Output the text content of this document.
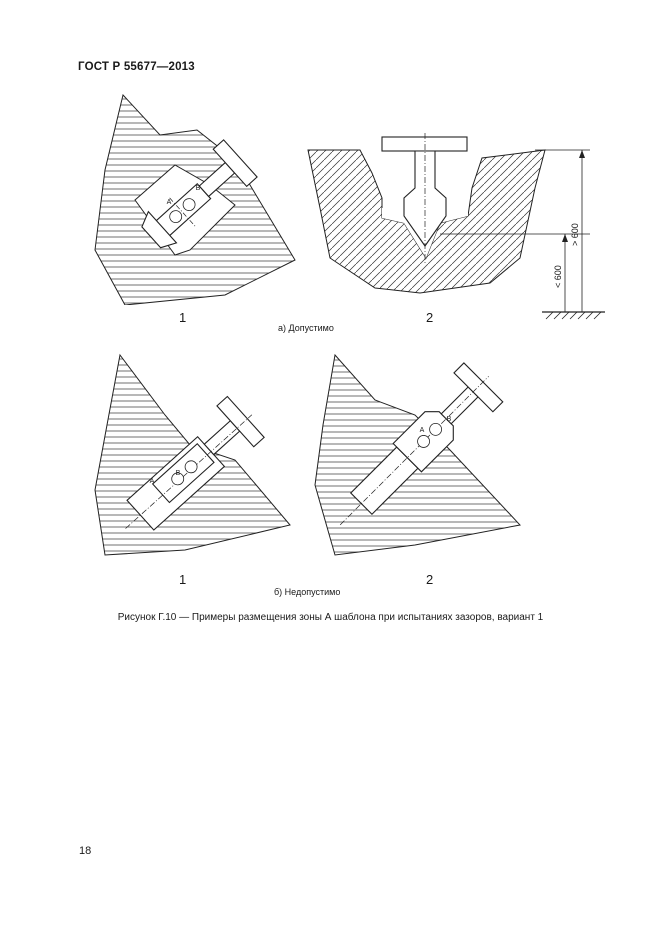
ГОСТ Р 55677—2013
A
B
> 600
< 600
A
B
A
B
1	2
а) Допустимо
1	2
б) Недопустимо
Рисунок Г.10 — Примеры размещения зоны А шаблона при испытаниях зазоров, вариант 1
18
